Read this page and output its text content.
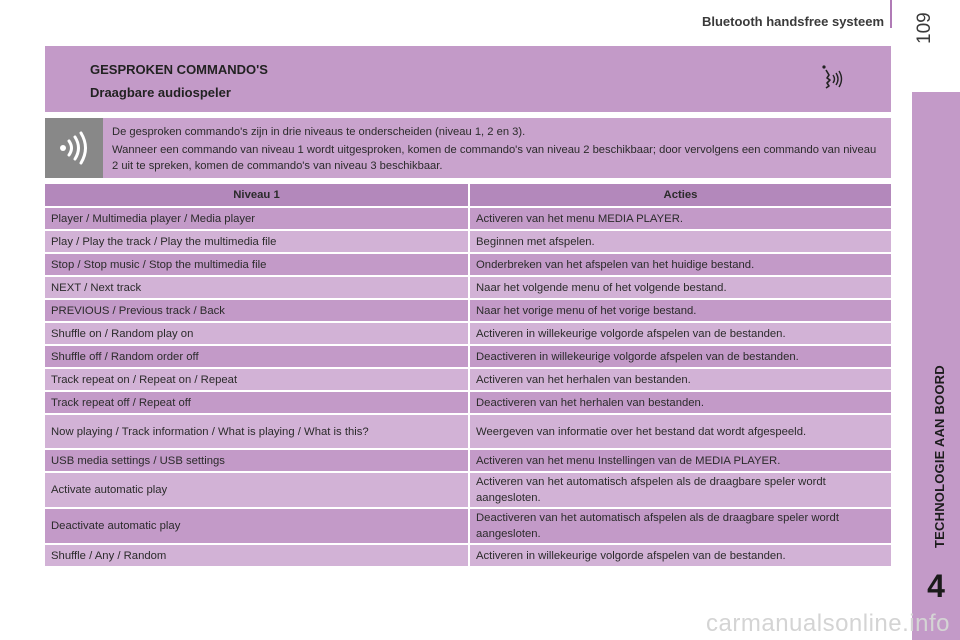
Bluetooth handsfree systeem 109
TECHNOLOGIE AAN BOORD
4
GESPROKEN COMMANDO'S
Draagbare audiospeler

De gesproken commando's zijn in drie niveaus te onderscheiden (niveau 1, 2 en 3).

Wanneer een commando van niveau 1 wordt uitgesproken, komen de commando's van niveau 2 beschikbaar; door vervolgens een commando van niveau 2 uit te spreken, komen de commando's van niveau 3 beschikbaar.

Niveau 1	Acties
Player / Multimedia player / Media player	Activeren van het menu MEDIA PLAYER.
Play / Play the track / Play the multimedia file	Beginnen met afspelen.
Stop / Stop music / Stop the multimedia file	Onderbreken van het afspelen van het huidige bestand.
NEXT / Next track	Naar het volgende menu of het volgende bestand.
PREVIOUS / Previous track / Back	Naar het vorige menu of het vorige bestand.
Shuffle on / Random play on	Activeren in willekeurige volgorde afspelen van de bestanden.
Shuffle off / Random order off	Deactiveren in willekeurige volgorde afspelen van de bestanden.
Track repeat on / Repeat on / Repeat	Activeren van het herhalen van bestanden.
Track repeat off / Repeat off	Deactiveren van het herhalen van bestanden.
Now playing / Track information / What is playing / What is this?	Weergeven van informatie over het bestand dat wordt afgespeeld.
USB media settings / USB settings	Activeren van het menu Instellingen van de MEDIA PLAYER.
Activate automatic play	Activeren van het automatisch afspelen als de draagbare speler wordt aangesloten.
Deactivate automatic play	Deactiveren van het automatisch afspelen als de draagbare speler wordt aangesloten.
Shuffle / Any / Random	Activeren in willekeurige volgorde afspelen van de bestanden.
carmanualsonline.info
